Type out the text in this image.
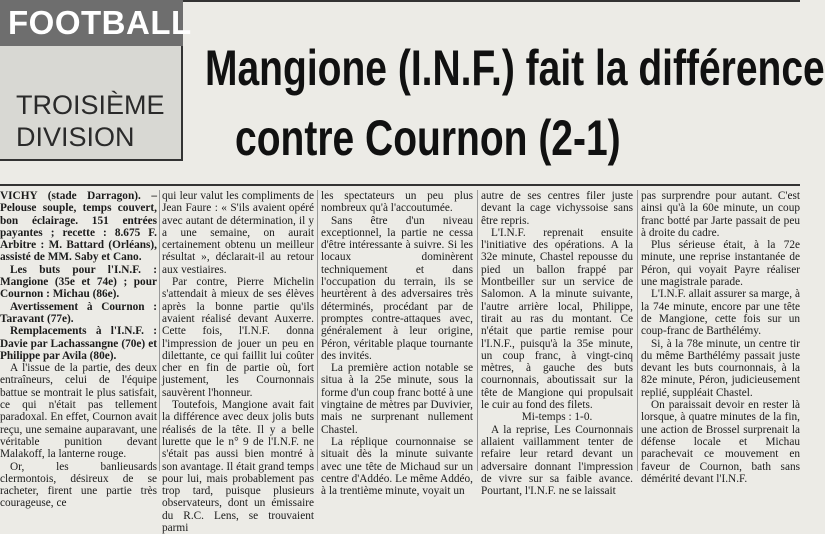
FOOTBALL
TROISIÈME
DIVISION
Mangione (I.N.F.) fait la différence
contre Cournon (2-1)

VICHY (stade Darragon). – Pelouse souple, temps couvert, bon éclairage. 151 entrées payantes ; recette : 8.675 F. Arbitre : M. Battard (Orléans), assisté de MM. Saby et Cano.

Les buts pour l'I.N.F. : Mangione (35e et 74e) ; pour Cournon : Michau (86e).

Avertissement à Cournon : Taravant (77e).

Remplacements à l'I.N.F. : Davie par Lachassangne (70e) et Philippe par Avila (80e).

A l'issue de la partie, des deux entraîneurs, celui de l'équipe battue se montrait le plus satisfait, ce qui n'était pas tellement paradoxal. En effet, Cournon avait reçu, une semaine auparavant, une véritable punition devant Malakoff, la lanterne rouge.

Or, les banlieusards clermontois, désireux de se racheter, firent une partie très courageuse, ce

qui leur valut les compliments de Jean Faure : « S'ils avaient opéré avec autant de détermination, il y a une semaine, on aurait certainement obtenu un meilleur résultat », déclarait-il au retour aux vestiaires.

Par contre, Pierre Michelin s'attendait à mieux de ses élèves après la bonne partie qu'ils avaient réalisé devant Auxerre. Cette fois, l'I.N.F. donna l'impression de jouer un peu en dilettante, ce qui faillit lui coûter cher en fin de partie où, fort justement, les Cournonnais sauvèrent l'honneur.

Toutefois, Mangione avait fait la différence avec deux jolis buts réalisés de la tête. Il y a belle lurette que le n° 9 de l'I.N.F. ne s'était pas aussi bien montré à son avantage. Il était grand temps pour lui, mais probablement pas trop tard, puisque plusieurs observateurs, dont un émissaire du R.C. Lens, se trouvaient parmi

les spectateurs un peu plus nombreux qu'à l'accoutumée.

Sans être d'un niveau exceptionnel, la partie ne cessa d'être intéressante à suivre. Si les locaux dominèrent techniquement et dans l'occupation du terrain, ils se heurtèrent à des adversaires très déterminés, procédant par de promptes contre-attaques avec, généralement à leur origine, Péron, véritable plaque tournante des invités.

La première action notable se situa à la 25e minute, sous la forme d'un coup franc botté à une vingtaine de mètres par Duvivier, mais ne surprenant nullement Chastel.

La réplique cournonnaise se situait dès la minute suivante avec une tête de Michaud sur un centre d'Addéo. Le même Addéo, à la trentième minute, voyait un

autre de ses centres filer juste devant la cage vichyssoise sans être repris.

L'I.N.F. reprenait ensuite l'initiative des opérations. A la 32e minute, Chastel repousse du pied un ballon frappé par Montbeiller sur un service de Salomon. A la minute suivante, l'autre arrière local, Philippe, tirait au ras du montant. Ce n'était que partie remise pour l'I.N.F., puisqu'à la 35e minute, un coup franc, à vingt-cinq mètres, à gauche des buts cournonnais, aboutissait sur la tête de Mangione qui propulsait le cuir au fond des filets.

Mi-temps : 1-0.

A la reprise, Les Cournonnais allaient vaillamment tenter de refaire leur retard devant un adversaire donnant l'impression de vivre sur sa faible avance. Pourtant, l'I.N.F. ne se laissait

pas surprendre pour autant. C'est ainsi qu'à la 60e minute, un coup franc botté par Jarte passait de peu à droite du cadre.

Plus sérieuse était, à la 72e minute, une reprise instantanée de Péron, qui voyait Payre réaliser une magistrale parade.

L'I.N.F. allait assurer sa marge, à la 74e minute, encore par une tête de Mangione, cette fois sur un coup-franc de Barthélémy.

Si, à la 78e minute, un centre tir du même Barthélémy passait juste devant les buts cournonnais, à la 82e minute, Péron, judicieusement replié, suppléait Chastel.

On paraissait devoir en rester là lorsque, à quatre minutes de la fin, une action de Brossel surprenait la défense locale et Michau parachevait ce mouvement en faveur de Cournon, bath sans démérité devant l'I.N.F.
